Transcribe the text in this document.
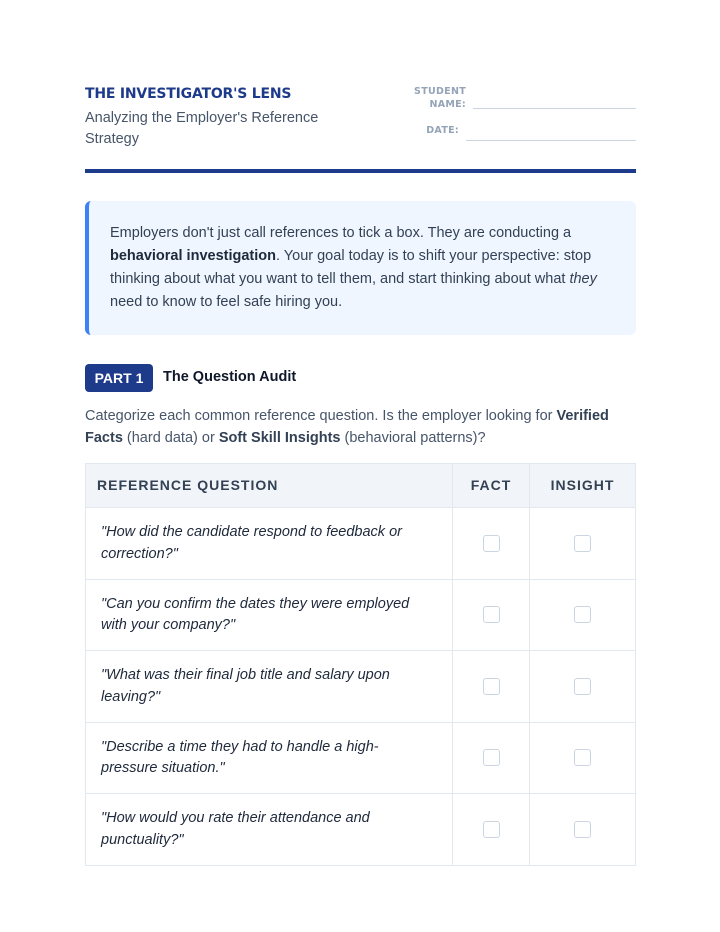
THE INVESTIGATOR'S LENS
Analyzing the Employer's Reference Strategy
STUDENT
NAME:
DATE:
Employers don't just call references to tick a box. They are conducting a behavioral investigation. Your goal today is to shift your perspective: stop thinking about what you want to tell them, and start thinking about what they need to know to feel safe hiring you.
PART 1	The Question Audit
Categorize each common reference question. Is the employer looking for Verified Facts (hard data) or Soft Skill Insights (behavioral patterns)?
REFERENCE QUESTION	FACT	INSIGHT
"How did the candidate respond to feedback or correction?"
"Can you confirm the dates they were employed with your company?"
"What was their final job title and salary upon leaving?"
"Describe a time they had to handle a high-pressure situation."
"How would you rate their attendance and punctuality?"
